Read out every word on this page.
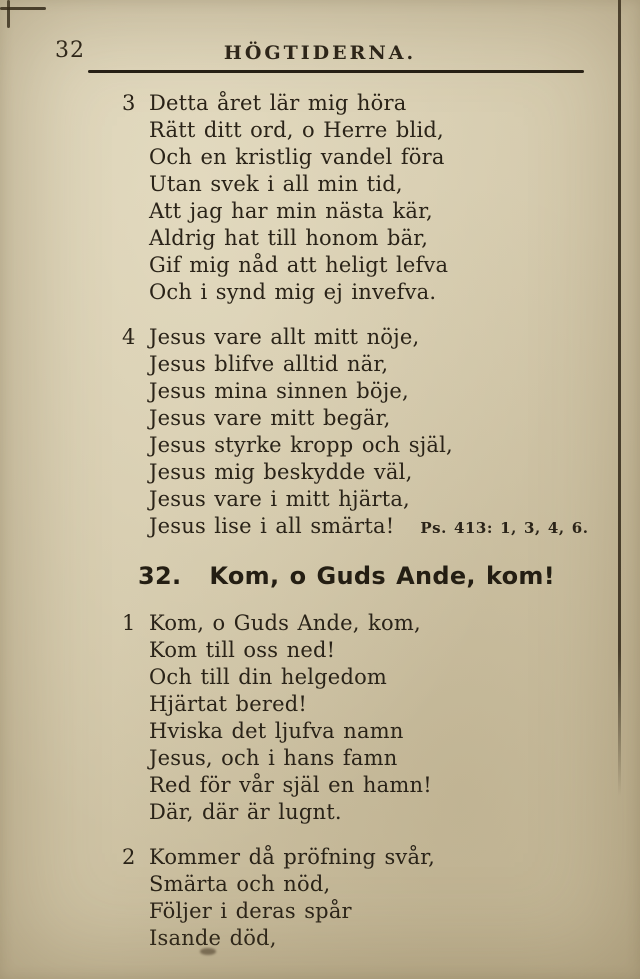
32	HÖGTIDERNA.
3 Detta året lär mig höra
Rätt ditt ord, o Herre blid,
Och en kristlig vandel föra
Utan svek i all min tid,
Att jag har min nästa kär,
Aldrig hat till honom bär,
Gif mig nåd att heligt lefva
Och i synd mig ej invefva.
4 Jesus vare allt mitt nöje,
Jesus blifve alltid när,
Jesus mina sinnen böje,
Jesus vare mitt begär,
Jesus styrke kropp och själ,
Jesus mig beskydde väl,
Jesus vare i mitt hjärta,
Jesus lise i all smärta! Ps. 413: 1, 3, 4, 6.
32. Kom, o Guds Ande, kom!
1 Kom, o Guds Ande, kom,
Kom till oss ned!
Och till din helgedom
Hjärtat bered!
Hviska det ljufva namn
Jesus, och i hans famn
Red för vår själ en hamn!
Där, där är lugnt.
2 Kommer då pröfning svår,
Smärta och nöd,
Följer i deras spår
Isande död,
